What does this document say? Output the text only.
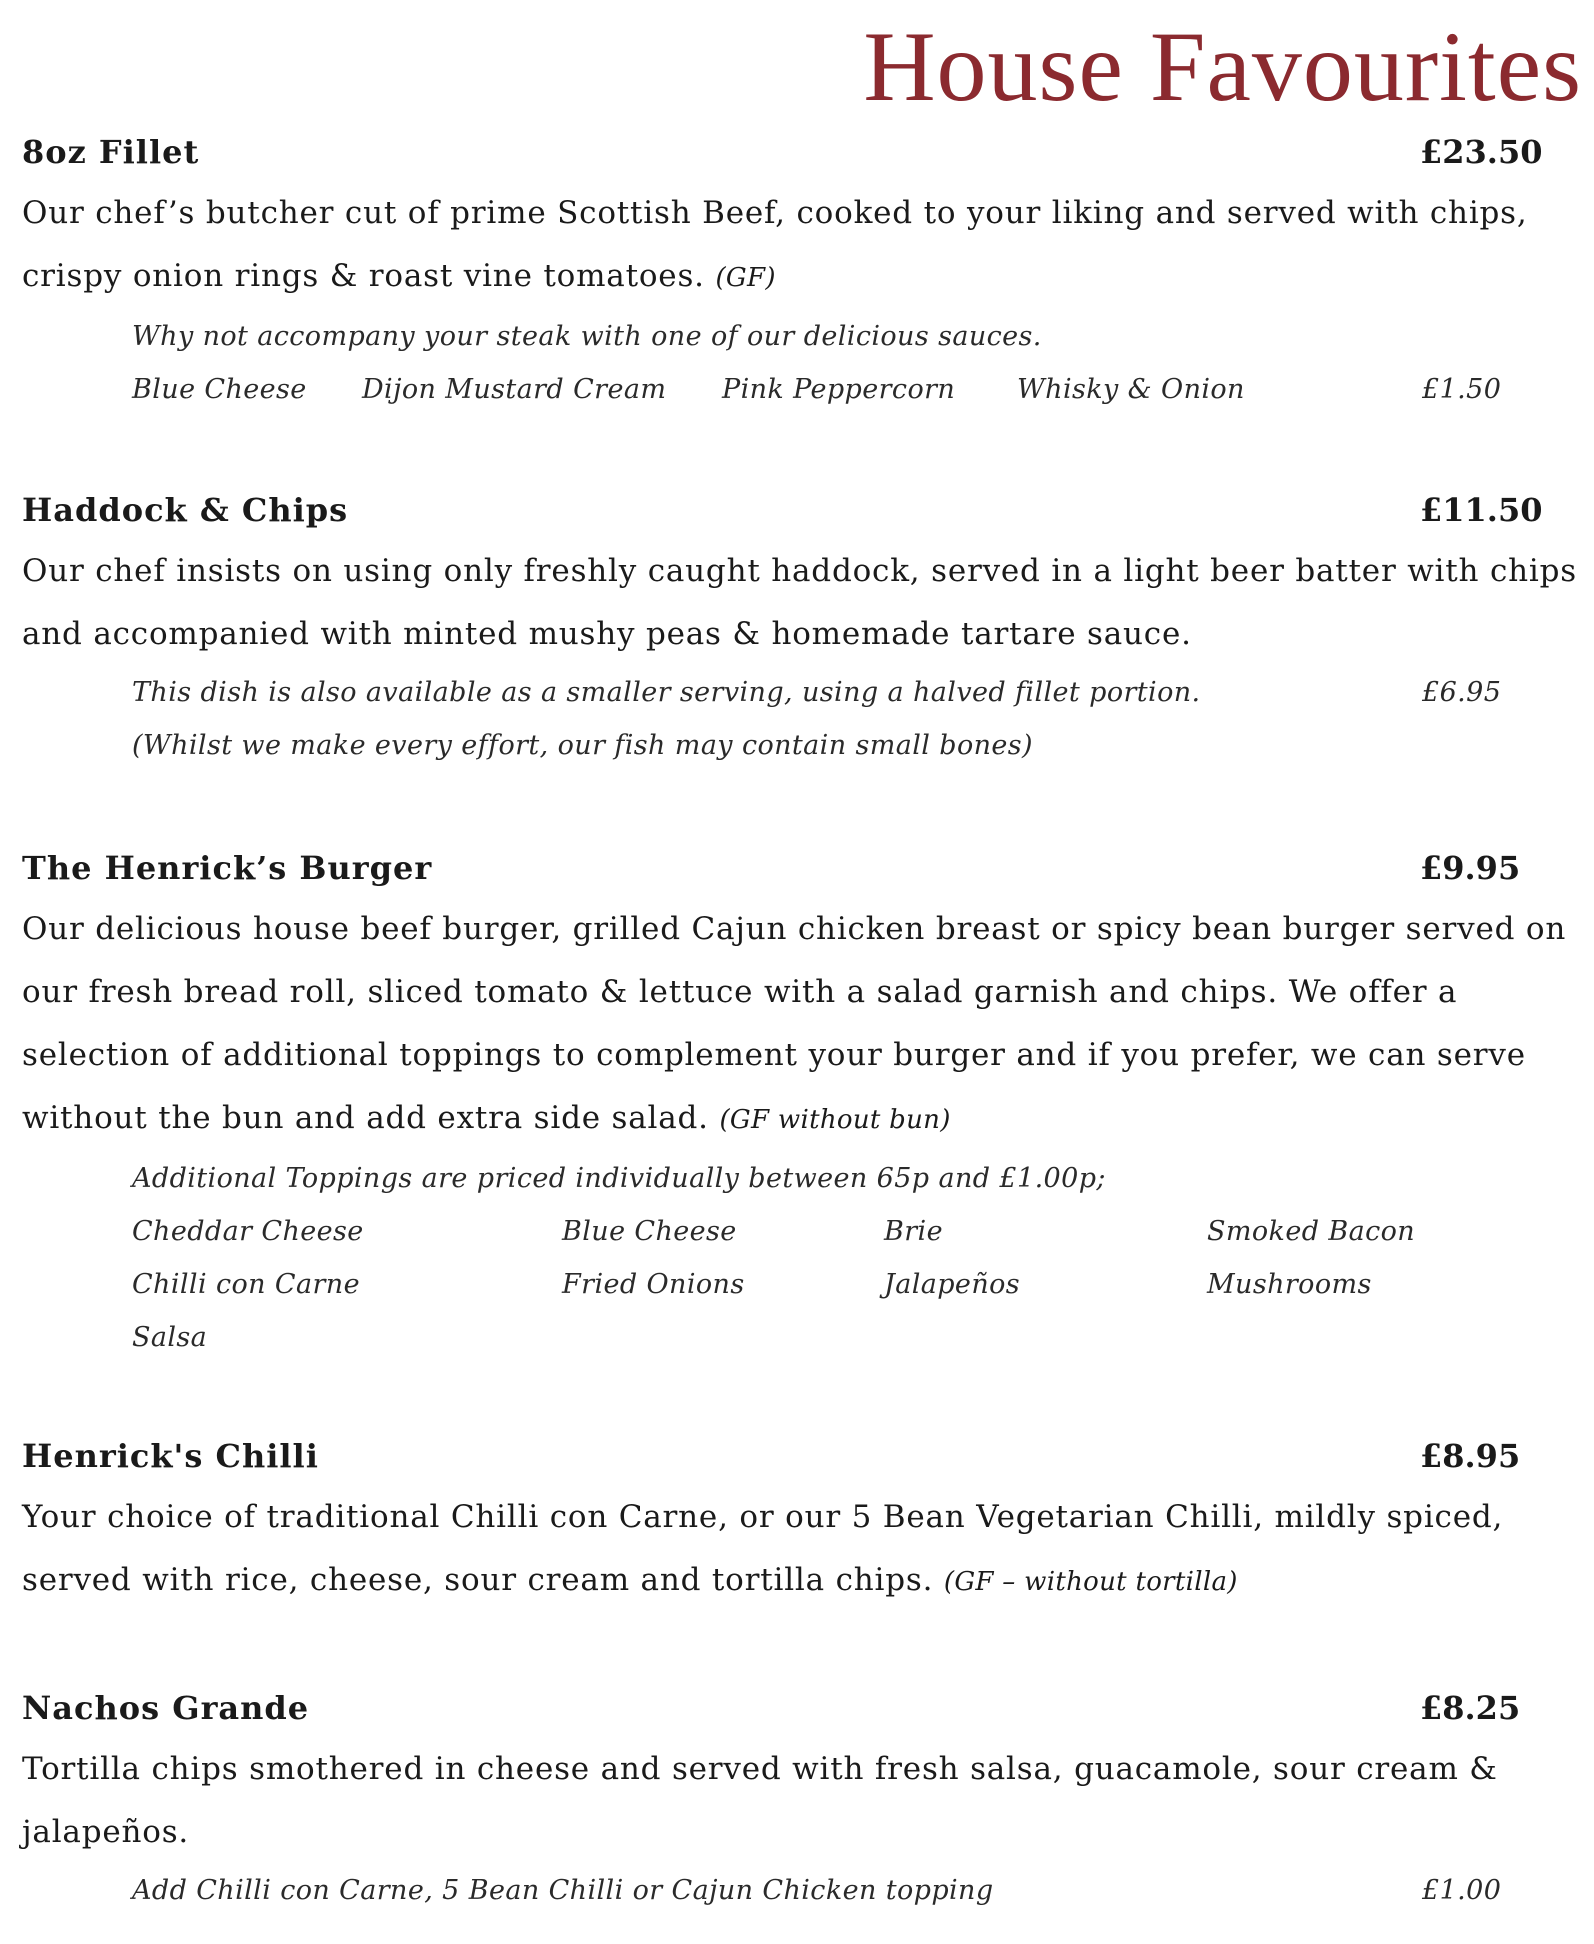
House Favourites
8oz Fillet	£23.50

Our chef’s butcher cut of prime Scottish Beef, cooked to your liking and served with chips, crispy onion rings & roast vine tomatoes. (GF)

Why not accompany your steak with one of our delicious sauces.
Blue Cheese Dijon Mustard Cream Pink Peppercorn Whisky & Onion	£1.50
Haddock & Chips	£11.50

Our chef insists on using only freshly caught haddock, served in a light beer batter with chips and accompanied with minted mushy peas & homemade tartare sauce.

This dish is also available as a smaller serving, using a halved fillet portion.	£6.95
(Whilst we make every effort, our fish may contain small bones)
The Henrick’s Burger	£9.95

Our delicious house beef burger, grilled Cajun chicken breast or spicy bean burger served on our fresh bread roll, sliced tomato & lettuce with a salad garnish and chips. We offer a selection of additional toppings to complement your burger and if you prefer, we can serve without the bun and add extra side salad. (GF without bun)

Additional Toppings are priced individually between 65p and £1.00p;
Cheddar Cheese	Blue Cheese	Brie	Smoked Bacon
Chilli con Carne	Fried Onions	Jalapeños	Mushrooms
Salsa
Henrick's Chilli	£8.95

Your choice of traditional Chilli con Carne, or our 5 Bean Vegetarian Chilli, mildly spiced, served with rice, cheese, sour cream and tortilla chips. (GF – without tortilla)

Nachos Grande	£8.25

Tortilla chips smothered in cheese and served with fresh salsa, guacamole, sour cream & jalapeños.

Add Chilli con Carne, 5 Bean Chilli or Cajun Chicken topping	£1.00
